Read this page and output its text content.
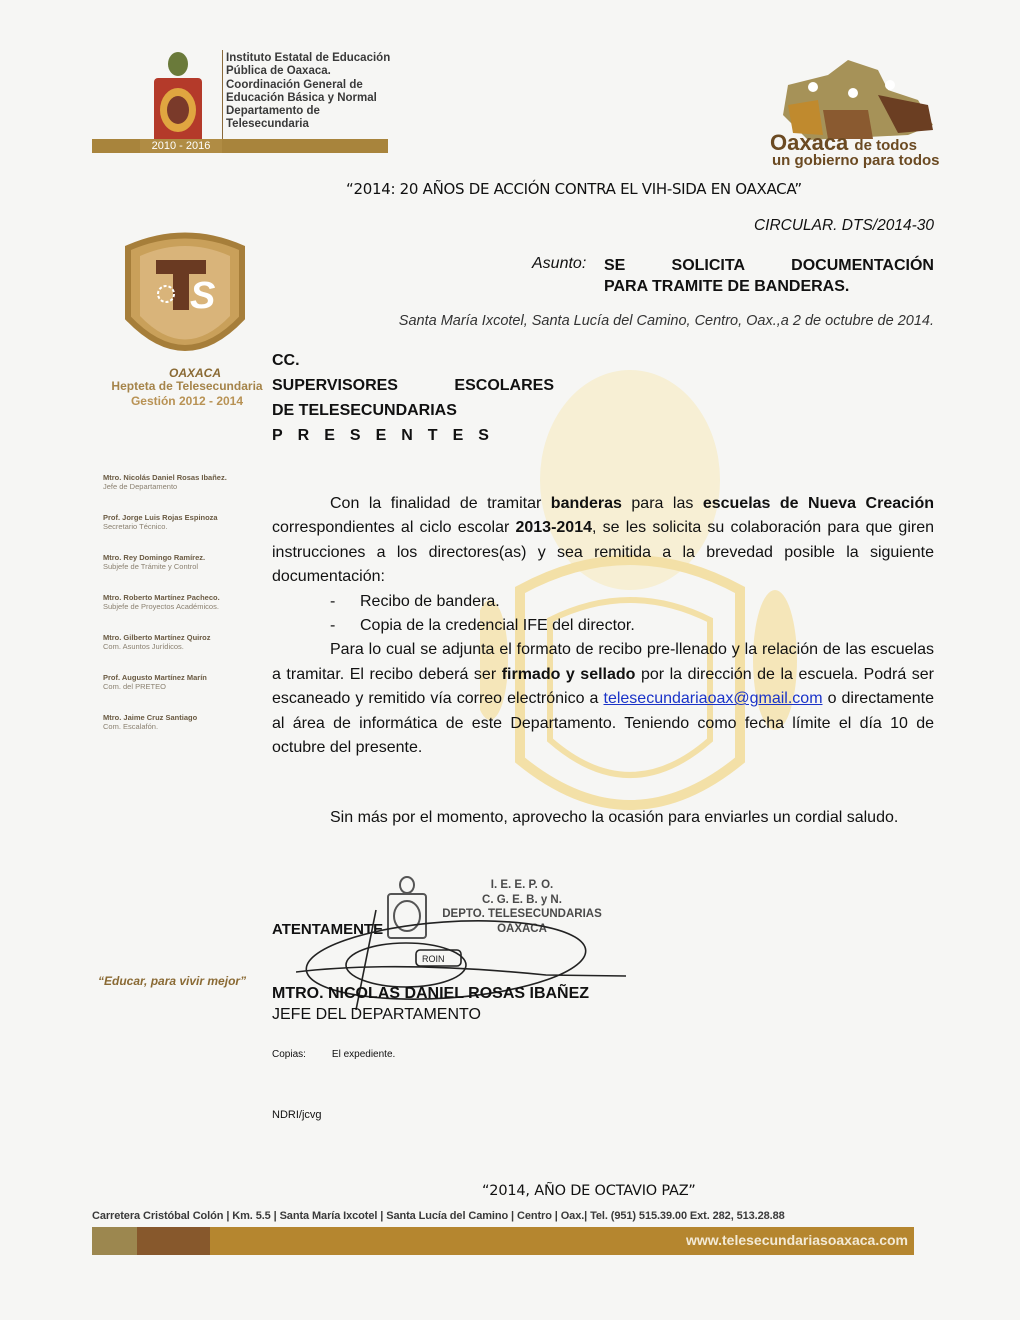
Instituto Estatal de Educación
Pública de Oaxaca.
Coordinación General de
Educación Básica y Normal
Departamento de
Telesecundaria
2010 - 2016	Oaxaca de todos
un gobierno para todos
“2014: 20 AÑOS DE ACCIÓN CONTRA EL VIH-SIDA EN OAXACA”
CIRCULAR. DTS/2014-30
Asunto: SE	SOLICITA	DOCUMENTACIÓN
PARA TRAMITE DE BANDERAS.
Santa María Ixcotel, Santa Lucía del Camino, Centro, Oax.,a 2 de octubre de 2014.
S
OAXACA
Hepteta de Telesecundaria
Gestión 2012 - 2014
Mtro. Nicolás Daniel Rosas Ibañez.
Jefe de Departamento
Prof. Jorge Luis Rojas Espinoza
Secretario Técnico.
Mtro. Rey Domingo Ramírez.
Subjefe de Trámite y Control
Mtro. Roberto Martínez Pacheco.
Subjefe de Proyectos Académicos.
Mtro. Gilberto Martínez Quiroz
Com. Asuntos Jurídicos.
Prof. Augusto Martínez Marín
Com. del PRETEO
Mtro. Jaime Cruz Santiago
Com. Escalafón.
“Educar, para vivir mejor”
CC.
SUPERVISORES	ESCOLARES
DE TELESECUNDARIAS
PRESENTES

Con la finalidad de tramitar banderas para las escuelas de Nueva Creación correspondientes al ciclo escolar 2013-2014, se les solicita su colaboración para que giren instrucciones a los directores(as) y sea remitida a la brevedad posible la siguiente documentación:

-	Recibo de bandera.
-	Copia de la credencial IFE del director.

Para lo cual se adjunta el formato de recibo pre-llenado y la relación de las escuelas a tramitar. El recibo deberá ser firmado y sellado por la dirección de la escuela. Podrá ser escaneado y remitido vía correo electrónico a telesecundariaoax@gmail.com o directamente al área de informática de este Departamento. Teniendo como fecha límite el día 10 de octubre del presente.

Sin más por el momento, aprovecho la ocasión para enviarles un cordial saludo.
I. E. E. P. O.
C. G. E. B. y N.
DEPTO. TELESECUNDARIAS
OAXACA
ATENTAMENTE
ROIN
MTRO. NICOLAS DANIEL ROSAS IBAÑEZ
JEFE DEL DEPARTAMENTO
Copias:	El expediente.
NDRI/jcvg
“2014, AÑO DE OCTAVIO PAZ”
Carretera Cristóbal Colón | Km. 5.5 | Santa María Ixcotel | Santa Lucía del Camino | Centro | Oax.| Tel. (951) 515.39.00 Ext. 282, 513.28.88
www.telesecundariasoaxaca.com
